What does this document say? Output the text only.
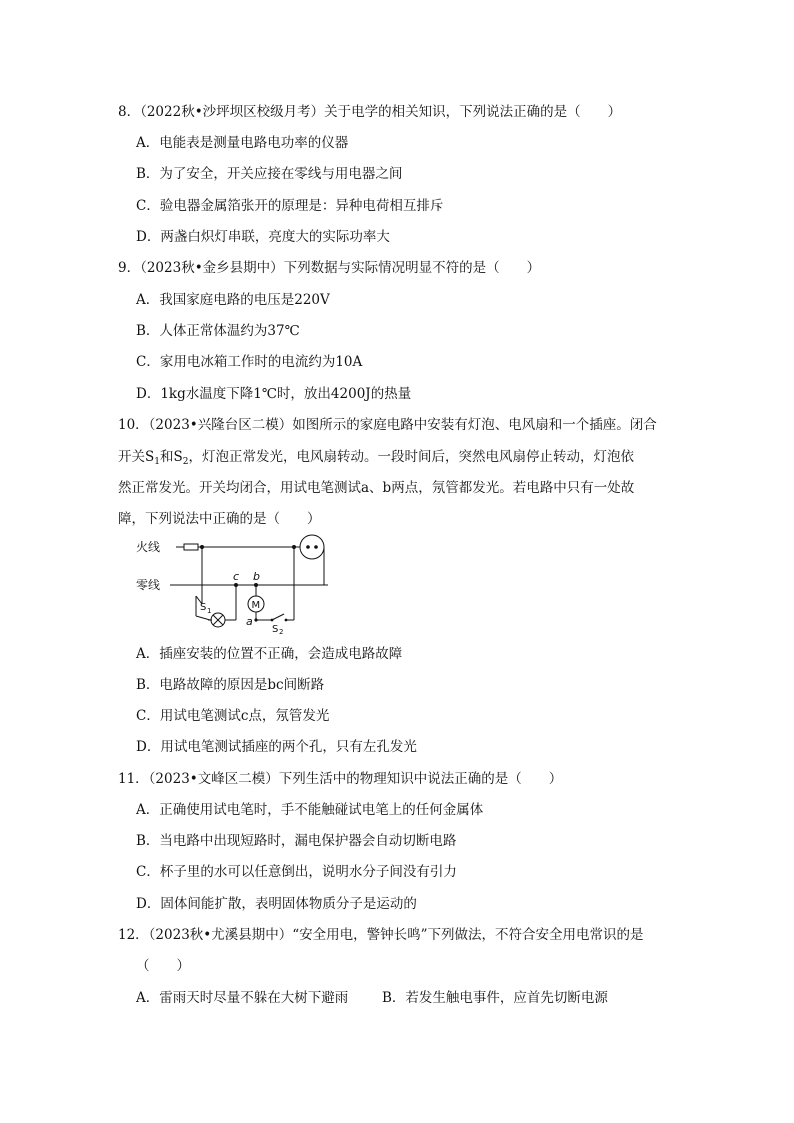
8．（2022秋•沙坪坝区校级月考）关于电学的相关知识，下列说法正确的是（　　）
A．电能表是测量电路电功率的仪器
B．为了安全，开关应接在零线与用电器之间
C．验电器金属箔张开的原理是：异种电荷相互排斥
D．两盏白炽灯串联，亮度大的实际功率大
9．（2023秋•金乡县期中）下列数据与实际情况明显不符的是（　　）
A．我国家庭电路的电压是220V
B．人体正常体温约为37℃
C．家用电冰箱工作时的电流约为10A
D．1kg水温度下降1℃时，放出4200J的热量
10．（2023•兴隆台区二模）如图所示的家庭电路中安装有灯泡、电风扇和一个插座。闭合
开关$S_1$和$S_2$，灯泡正常发光，电风扇转动。一段时间后，突然电风扇停止转动，灯泡依
然正常发光。开关均闭合，用试电笔测试a、b两点，氖管都发光。若电路中只有一处故
障，下列说法中正确的是（　　）
火线
零线
c b
a
S 1
S 2
M
A．插座安装的位置不正确，会造成电路故障
B．电路故障的原因是bc间断路
C．用试电笔测试c点，氖管发光
D．用试电笔测试插座的两个孔，只有左孔发光
11．（2023•文峰区二模）下列生活中的物理知识中说法正确的是（　　）
A．正确使用试电笔时，手不能触碰试电笔上的任何金属体
B．当电路中出现短路时，漏电保护器会自动切断电路
C．杯子里的水可以任意倒出，说明水分子间没有引力
D．固体间能扩散，表明固体物质分子是运动的
12．（2023秋•尤溪县期中）“安全用电，警钟长鸣”下列做法，不符合安全用电常识的是
（　　）
A．雷雨天时尽量不躲在大树下避雨	B．若发生触电事件，应首先切断电源
